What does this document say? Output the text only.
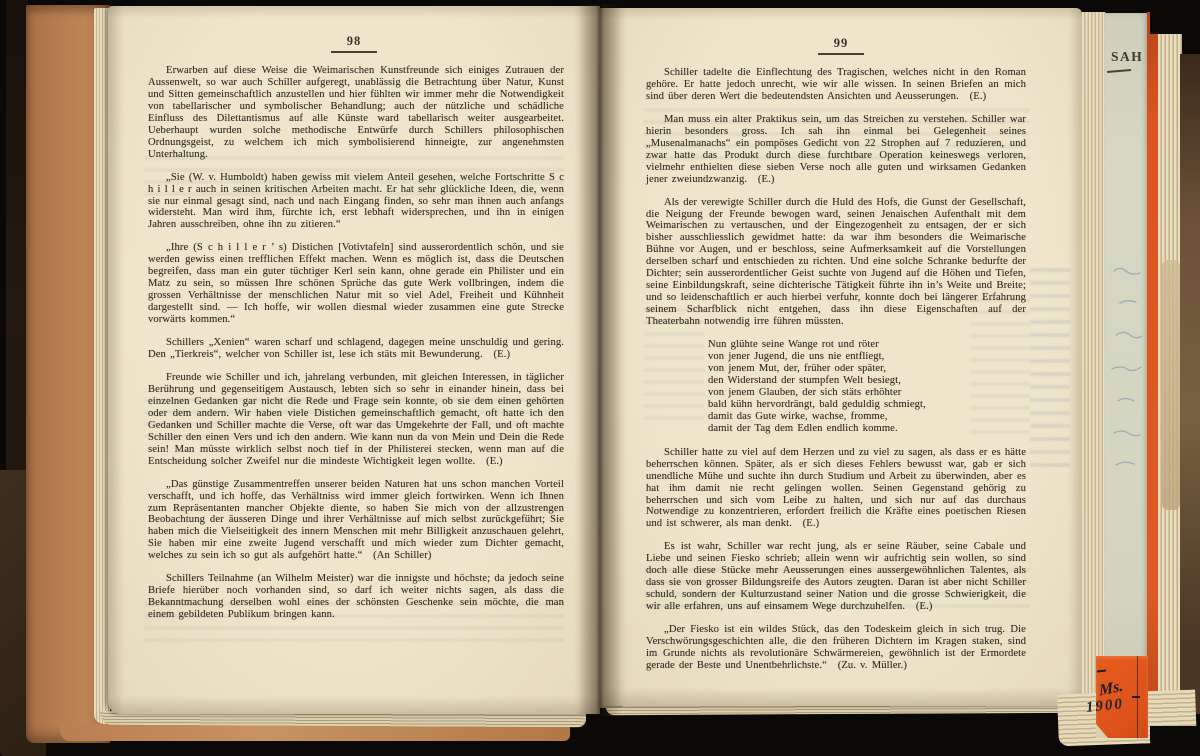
98

Erwarben auf diese Weise die Weimarischen Kunstfreunde sich einiges Zutrauen der Aussenwelt, so war auch Schiller aufgeregt, unablässig die Betrachtung über Natur, Kunst und Sitten gemeinschaftlich anzustellen und hier fühlten wir immer mehr die Notwendigkeit von tabellarischer und symbolischer Behandlung; auch der nützliche und schädliche Einfluss des Dilettantismus auf alle Künste ward tabellarisch weiter ausgearbeitet. Ueberhaupt wurden solche methodische Entwürfe durch Schillers philosophischen Ordnungsgeist, zu welchem ich mich symbolisierend hinneigte, zur angenehmsten Unterhaltung.

„Sie (W. v. Humboldt) haben gewiss mit vielem Anteil gesehen, welche Fortschritte S c h i l l e r auch in seinen kritischen Arbeiten macht. Er hat sehr glückliche Ideen, die, wenn sie nur einmal gesagt sind, nach und nach Eingang finden, so sehr man ihnen auch anfangs widersteht. Man wird ihm, fürchte ich, erst lebhaft widersprechen, und ihn in einigen Jahren ausschreiben, ohne ihn zu zitieren.“

„Ihre (S c h i l l e r ’ s) Distichen [Votivtafeln] sind ausserordentlich schön, und sie werden gewiss einen trefflichen Effekt machen. Wenn es möglich ist, dass die Deutschen begreifen, dass man ein guter tüchtiger Kerl sein kann, ohne gerade ein Philister und ein Matz zu sein, so müssen Ihre schönen Sprüche das gute Werk vollbringen, indem die grossen Verhältnisse der menschlichen Natur mit so viel Adel, Freiheit und Kühnheit dargestellt sind. — Ich hoffe, wir wollen diesmal wieder zusammen eine gute Strecke vorwärts kommen.“

Schillers „Xenien“ waren scharf und schlagend, dagegen meine unschuldig und gering. Den „Tierkreis“, welcher von Schiller ist, lese ich stäts mit Bewunderung.  (E.)

Freunde wie Schiller und ich, jahrelang verbunden, mit gleichen Interessen, in täglicher Berührung und gegenseitigem Austausch, lebten sich so sehr in einander hinein, dass bei einzelnen Gedanken gar nicht die Rede und Frage sein konnte, ob sie dem einen gehörten oder dem andern. Wir haben viele Distichen gemeinschaftlich gemacht, oft hatte ich den Gedanken und Schiller machte die Verse, oft war das Umgekehrte der Fall, und oft machte Schiller den einen Vers und ich den andern. Wie kann nun da von Mein und Dein die Rede sein! Man müsste wirklich selbst noch tief in der Philisterei stecken, wenn man auf die Entscheidung solcher Zweifel nur die mindeste Wichtigkeit legen wollte.  (E.)

„Das günstige Zusammentreffen unserer beiden Naturen hat uns schon manchen Vorteil verschafft, und ich hoffe, das Verhältniss wird immer gleich fortwirken. Wenn ich Ihnen zum Repräsentanten mancher Objekte diente, so haben Sie mich von der allzustrengen Beobachtung der äusseren Dinge und ihrer Verhältnisse auf mich selbst zurückgeführt; Sie haben mich die Vielseitigkeit des innern Menschen mit mehr Billigkeit anzuschauen gelehrt, Sie haben mir eine zweite Jugend verschafft und mich wieder zum Dichter gemacht, welches zu sein ich so gut als aufgehört hatte.“  (An Schiller)

Schillers Teilnahme (an Wilhelm Meister) war die innigste und höchste; da jedoch seine Briefe hierüber noch vorhanden sind, so darf ich weiter nichts sagen, als dass die Bekanntmachung derselben wohl eines der schönsten Geschenke sein möchte, die man einem gebildeten Publikum bringen kann.

99

Schiller tadelte die Einflechtung des Tragischen, welches nicht in den Roman gehöre. Er hatte jedoch unrecht, wie wir alle wissen. In seinen Briefen an mich sind über deren Wert die bedeutendsten Ansichten und Aeusserungen.  (E.)

Man muss ein alter Praktikus sein, um das Streichen zu verstehen. Schiller war hierin besonders gross. Ich sah ihn einmal bei Gelegenheit seines „Musenalmanachs“ ein pompöses Gedicht von 22 Strophen auf 7 reduzieren, und zwar hatte das Produkt durch diese furchtbare Operation keineswegs verloren, vielmehr enthielten diese sieben Verse noch alle guten und wirksamen Gedanken jener zweiundzwanzig.  (E.)

Als der verewigte Schiller durch die Huld des Hofs, die Gunst der Gesellschaft, die Neigung der Freunde bewogen ward, seinen Jenaischen Aufenthalt mit dem Weimarischen zu vertauschen, und der Eingezogenheit zu entsagen, der er sich bisher ausschliesslich gewidmet hatte: da war ihm besonders die Weimarische Bühne vor Augen, und er beschloss, seine Aufmerksamkeit auf die Vorstellungen derselben scharf und entschieden zu richten. Und eine solche Schranke bedurfte der Dichter; sein ausserordentlicher Geist suchte von Jugend auf die Höhen und Tiefen, seine Einbildungskraft, seine dichterische Tätigkeit führte ihn in’s Weite und Breite; und so leidenschaftlich er auch hierbei verfuhr, konnte doch bei längerer Erfahrung seinem Scharfblick nicht entgehen, dass ihn diese Eigenschaften auf der Theaterbahn notwendig irre führen müssten.

Nun glühte seine Wange rot und röter
von jener Jugend, die uns nie entfliegt,
von jenem Mut, der, früher oder später,
den Widerstand der stumpfen Welt besiegt,
von jenem Glauben, der sich stäts erhöhter
bald kühn hervordrängt, bald geduldig schmiegt,
damit das Gute wirke, wachse, fromme,
damit der Tag dem Edlen endlich komme.

Schiller hatte zu viel auf dem Herzen und zu viel zu sagen, als dass er es hätte beherrschen können. Später, als er sich dieses Fehlers bewusst war, gab er sich unendliche Mühe und suchte ihn durch Studium und Arbeit zu überwinden, aber es hat ihm damit nie recht gelingen wollen. Seinen Gegenstand gehörig zu beherrschen und sich vom Leibe zu halten, und sich nur auf das durchaus Notwendige zu konzentrieren, erfordert freilich die Kräfte eines poetischen Riesen und ist schwerer, als man denkt.  (E.)

Es ist wahr, Schiller war recht jung, als er seine Räuber, seine Cabale und Liebe und seinen Fiesko schrieb; allein wenn wir aufrichtig sein wollen, so sind doch alle diese Stücke mehr Aeusserungen eines aussergewöhnlichen Talentes, als dass sie von grosser Bildungsreife des Autors zeugten. Daran ist aber nicht Schiller schuld, sondern der Kulturzustand seiner Nation und die grosse Schwierigkeit, die wir alle erfahren, uns auf einsamem Wege durchzuhelfen.  (E.)

„Der Fiesko ist ein wildes Stück, das den Todeskeim gleich in sich trug. Die Verschwörungsgeschichten alle, die den früheren Dichtern im Kragen staken, sind im Grunde nichts als revolutionäre Schwärmereien, gewöhnlich ist der Ermordete gerade der Beste und Unentbehrlichste.“  (Zu. v. Müller.)

SAH
Ms.
1900
